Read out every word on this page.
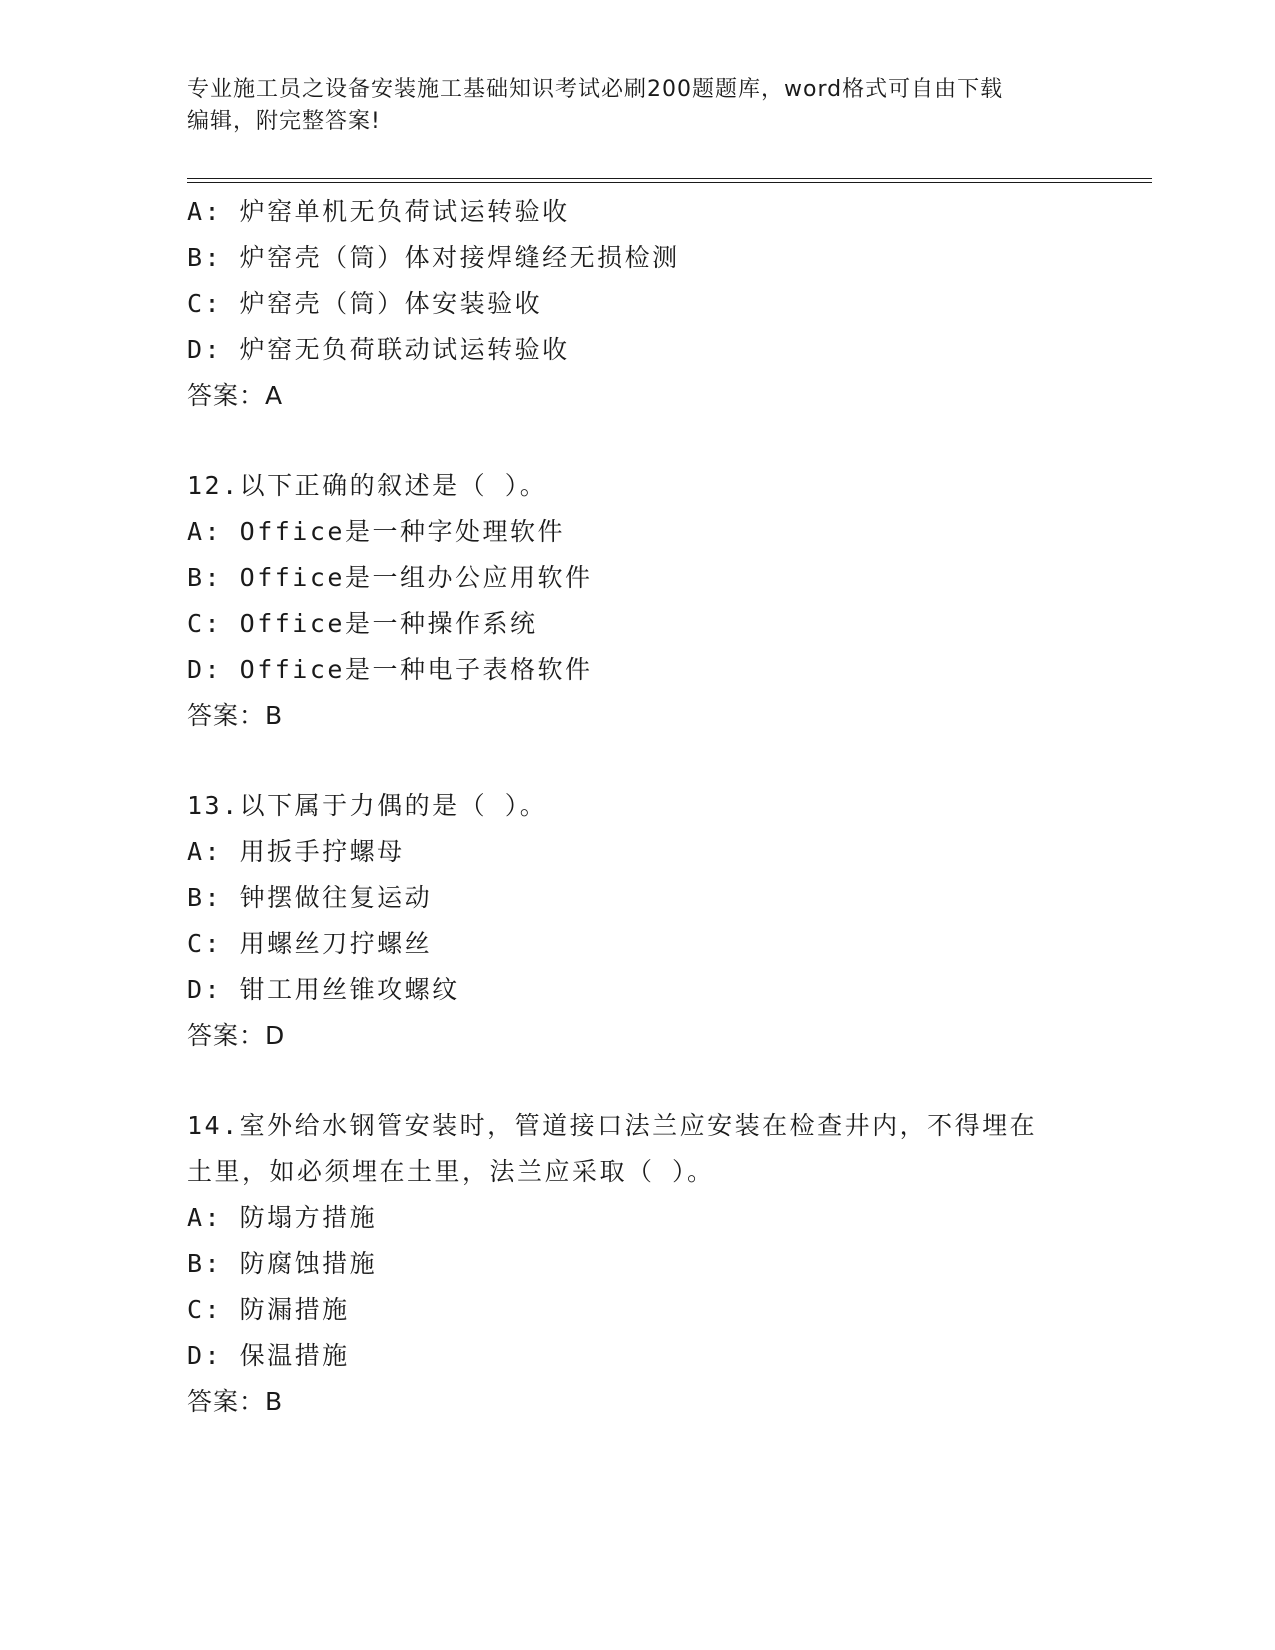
专业施工员之设备安装施工基础知识考试必刷200题题库，word格式可自由下载
编辑，附完整答案!
A: 炉窑单机无负荷试运转验收
B: 炉窑壳（筒）体对接焊缝经无损检测
C: 炉窑壳（筒）体安装验收
D: 炉窑无负荷联动试运转验收
答案：A
12.以下正确的叙述是（ ）。
A: Office是一种字处理软件
B: Office是一组办公应用软件
C: Office是一种操作系统
D: Office是一种电子表格软件
答案：B
13.以下属于力偶的是（ ）。
A: 用扳手拧螺母
B: 钟摆做往复运动
C: 用螺丝刀拧螺丝
D: 钳工用丝锥攻螺纹
答案：D
14.室外给水钢管安装时，管道接口法兰应安装在检查井内，不得埋在
土里，如必须埋在土里，法兰应采取（ ）。
A: 防塌方措施
B: 防腐蚀措施
C: 防漏措施
D: 保温措施
答案：B
